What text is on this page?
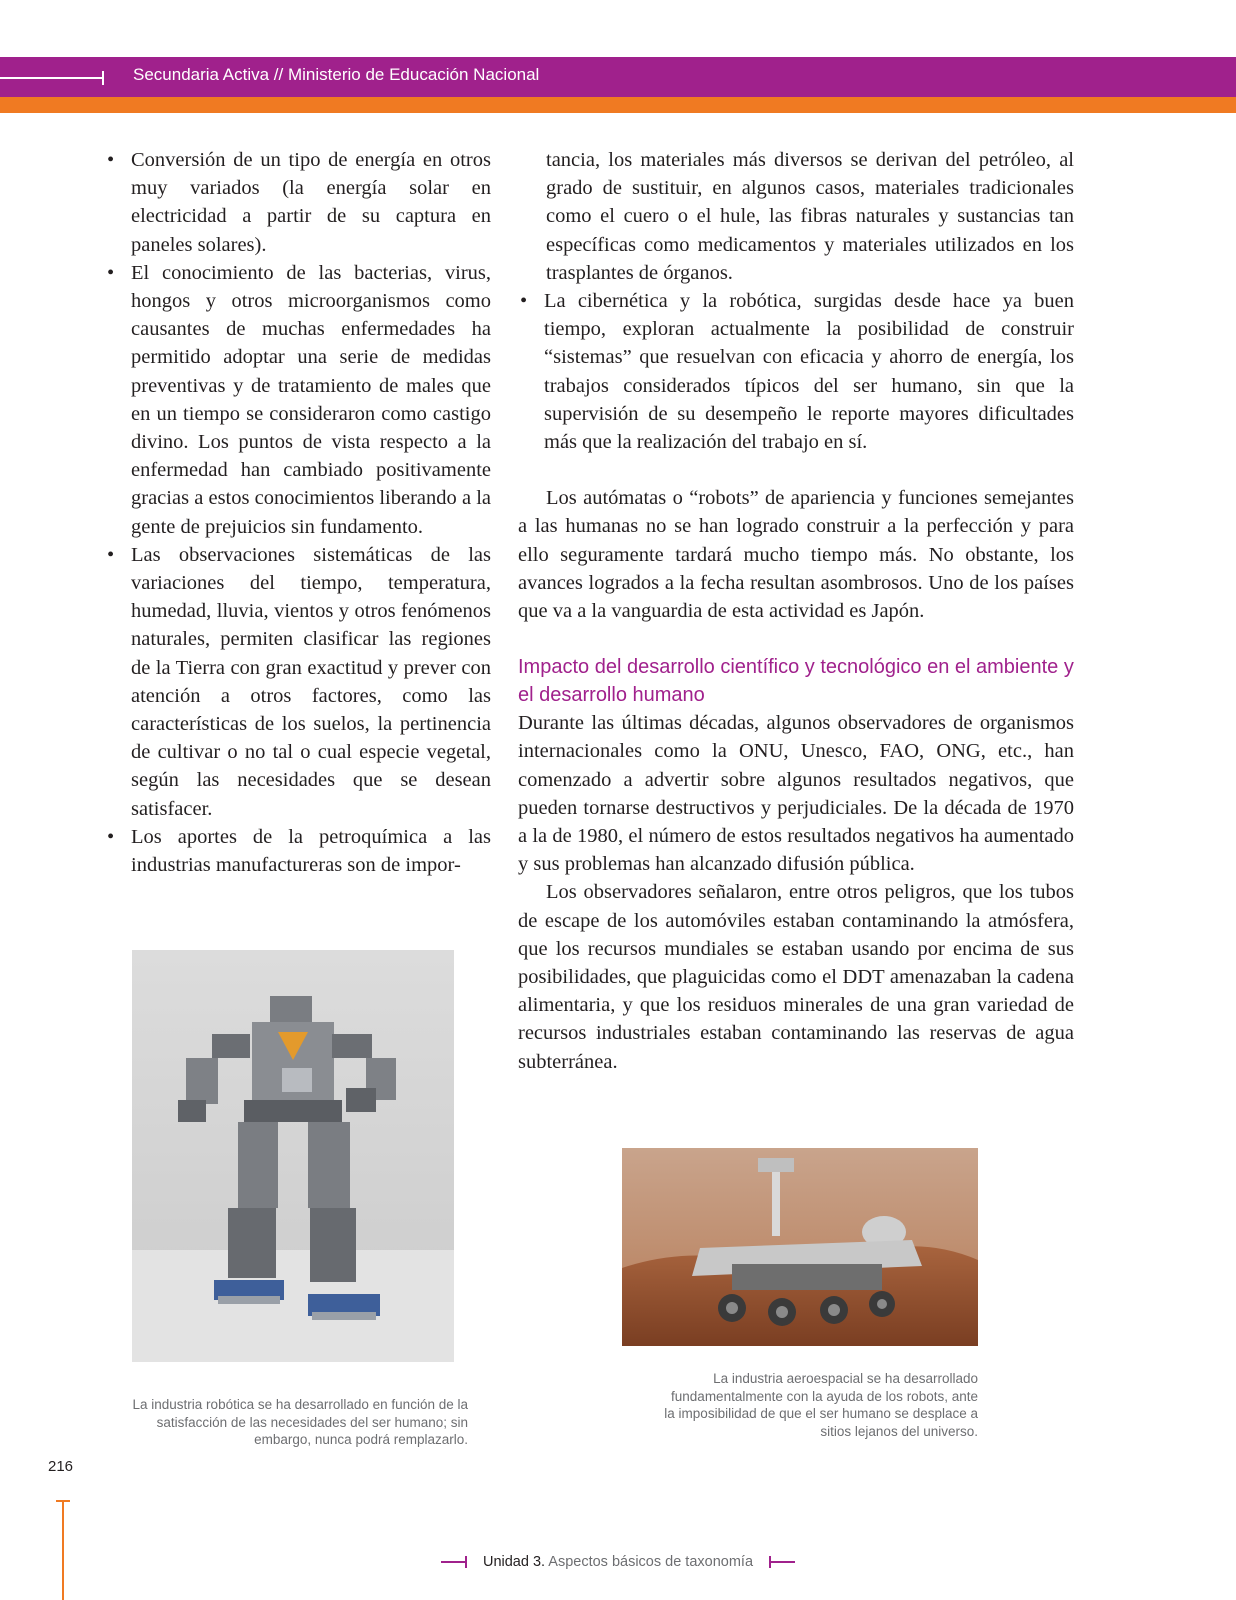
Secundaria Activa // Ministerio de Educación Nacional
• Conversión de un tipo de energía en otros muy variados (la energía solar en electricidad a partir de su captura en paneles solares).
• El conocimiento de las bacterias, virus, hongos y otros microorganismos como causantes de muchas enfermedades ha permitido adoptar una serie de medidas preventivas y de tratamiento de males que en un tiempo se consideraron como castigo divino. Los puntos de vista respecto a la enfermedad han cambiado positivamente gracias a estos conocimientos liberando a la gente de prejuicios sin fundamento.
• Las observaciones sistemáticas de las variaciones del tiempo, temperatura, humedad, lluvia, vientos y otros fenómenos naturales, permiten clasificar las regiones de la Tierra con gran exactitud y prever con atención a otros factores, como las características de los suelos, la pertinencia de cultivar o no tal o cual especie vegetal, según las necesidades que se desean satisfacer.
• Los aportes de la petroquímica a las industrias manufactureras son de impor-
La industria robótica se ha desarrollado en función de la satisfacción de las necesidades del ser humano; sin embargo, nunca podrá remplazarlo.

tancia, los materiales más diversos se derivan del petróleo, al grado de sustituir, en algunos casos, materiales tradicionales como el cuero o el hule, las fibras naturales y sustancias tan específicas como medicamentos y materiales utilizados en los trasplantes de órganos.

• La cibernética y la robótica, surgidas desde hace ya buen tiempo, exploran actualmente la posibilidad de construir “sistemas” que resuelvan con eficacia y ahorro de energía, los trabajos considerados típicos del ser humano, sin que la supervisión de su desempeño le reporte mayores dificultades más que la realización del trabajo en sí.

Los autómatas o “robots” de apariencia y funciones semejantes a las humanas no se han logrado construir a la perfección y para ello seguramente tardará mucho tiempo más. No obstante, los avances logrados a la fecha resultan asombrosos. Uno de los países que va a la vanguardia de esta actividad es Japón.

Impacto del desarrollo científico y tecnológico en el ambiente y el desarrollo humano

Durante las últimas décadas, algunos observadores de organismos internacionales como la ONU, Unesco, FAO, ONG, etc., han comenzado a advertir sobre algunos resultados negativos, que pueden tornarse destructivos y perjudiciales. De la década de 1970 a la de 1980, el número de estos resultados negativos ha aumentado y sus problemas han alcanzado difusión pública.

Los observadores señalaron, entre otros peligros, que los tubos de escape de los automóviles estaban contaminando la atmósfera, que los recursos mundiales se estaban usando por encima de sus posibilidades, que plaguicidas como el DDT amenazaban la cadena alimentaria, y que los residuos minerales de una gran variedad de recursos industriales estaban contaminando las reservas de agua subterránea.

La industria aeroespacial se ha desarrollado fundamentalmente con la ayuda de los robots, ante la imposibilidad de que el ser humano se desplace a sitios lejanos del universo.
216
Unidad 3. Aspectos básicos de taxonomía
